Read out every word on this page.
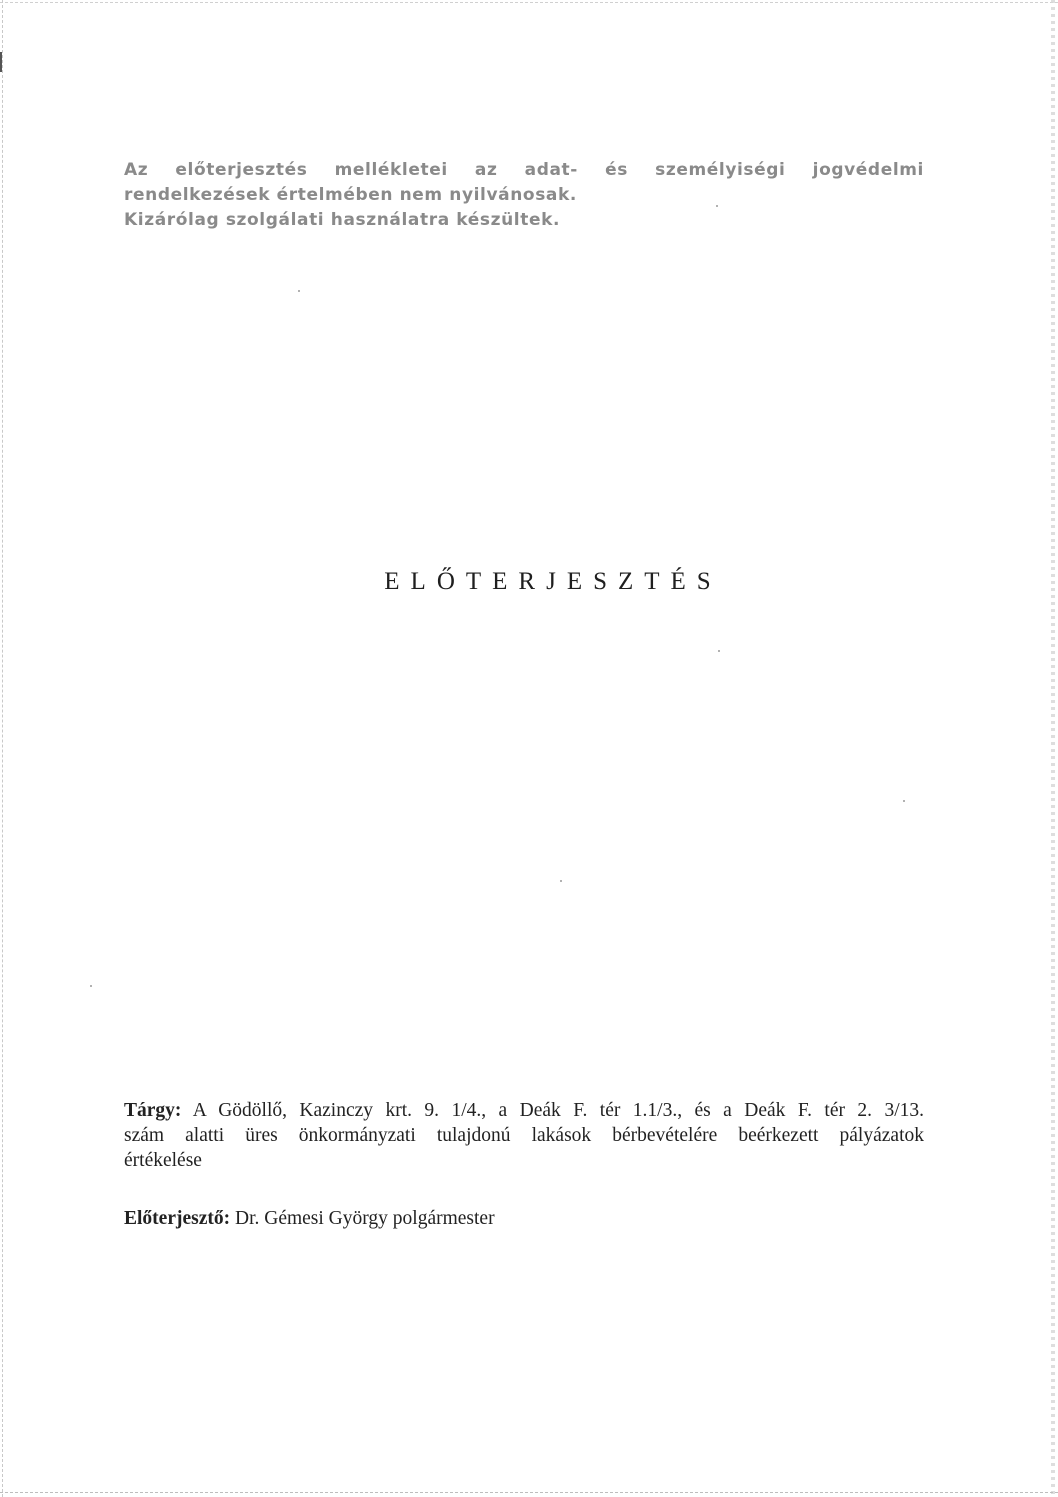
Az előterjesztés mellékletei az adat- és személyiségi jogvédelmi
rendelkezések értelmében nem nyilvánosak.
Kizárólag szolgálati használatra készültek.
ELŐTERJESZTÉS
Tárgy: A Gödöllő, Kazinczy krt. 9. 1/4., a Deák F. tér 1.1/3., és a Deák F. tér 2. 3/13.
szám alatti üres önkormányzati tulajdonú lakások bérbevételére beérkezett pályázatok
értékelése
Előterjesztő: Dr. Gémesi György polgármester
